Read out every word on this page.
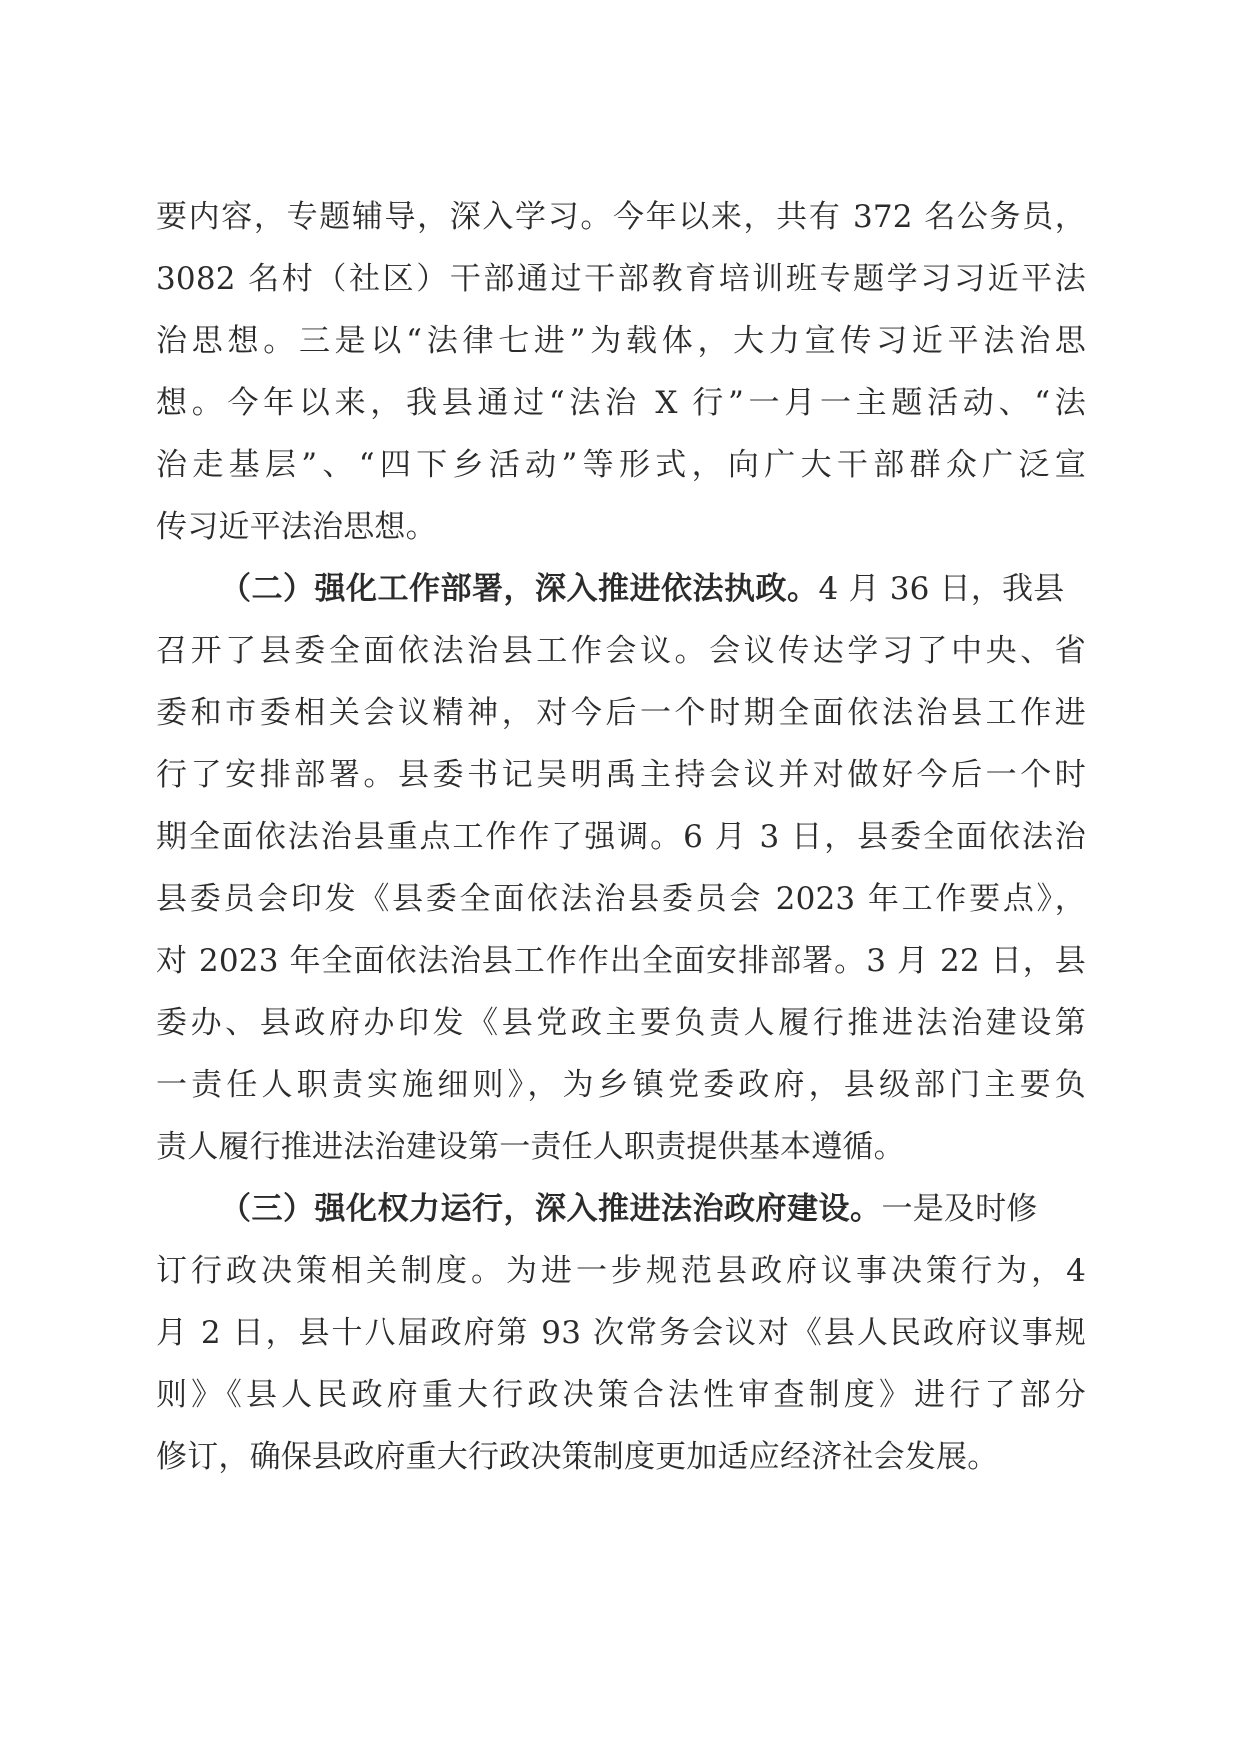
要内容，专题辅导，深入学习。今年以来，共有 372 名公务员，
3082 名村（社区）干部通过干部教育培训班专题学习习近平法
治思想。三是以“法律七进”为载体，大力宣传习近平法治思
想。今年以来，我县通过“法治 X 行”一月一主题活动、“法
治走基层”、“四下乡活动”等形式，向广大干部群众广泛宣
传习近平法治思想。
（二）强化工作部署，深入推进依法执政。 4 月 36 日，我县
召开了县委全面依法治县工作会议。会议传达学习了中央、省
委和市委相关会议精神，对今后一个时期全面依法治县工作进
行了安排部署。县委书记吴明禹主持会议并对做好今后一个时
期全面依法治县重点工作作了强调。6 月 3 日，县委全面依法治
县委员会印发《县委全面依法治县委员会 2023 年工作要点》，
对 2023 年全面依法治县工作作出全面安排部署。3 月 22 日，县
委办、县政府办印发《县党政主要负责人履行推进法治建设第
一责任人职责实施细则》，为乡镇党委政府，县级部门主要负
责人履行推进法治建设第一责任人职责提供基本遵循。
（三）强化权力运行，深入推进法治政府建设。 一是及时修
订行政决策相关制度。为进一步规范县政府议事决策行为，4
月 2 日，县十八届政府第 93 次常务会议对《县人民政府议事规
则》《县人民政府重大行政决策合法性审查制度》进行了部分
修订，确保县政府重大行政决策制度更加适应经济社会发展。
